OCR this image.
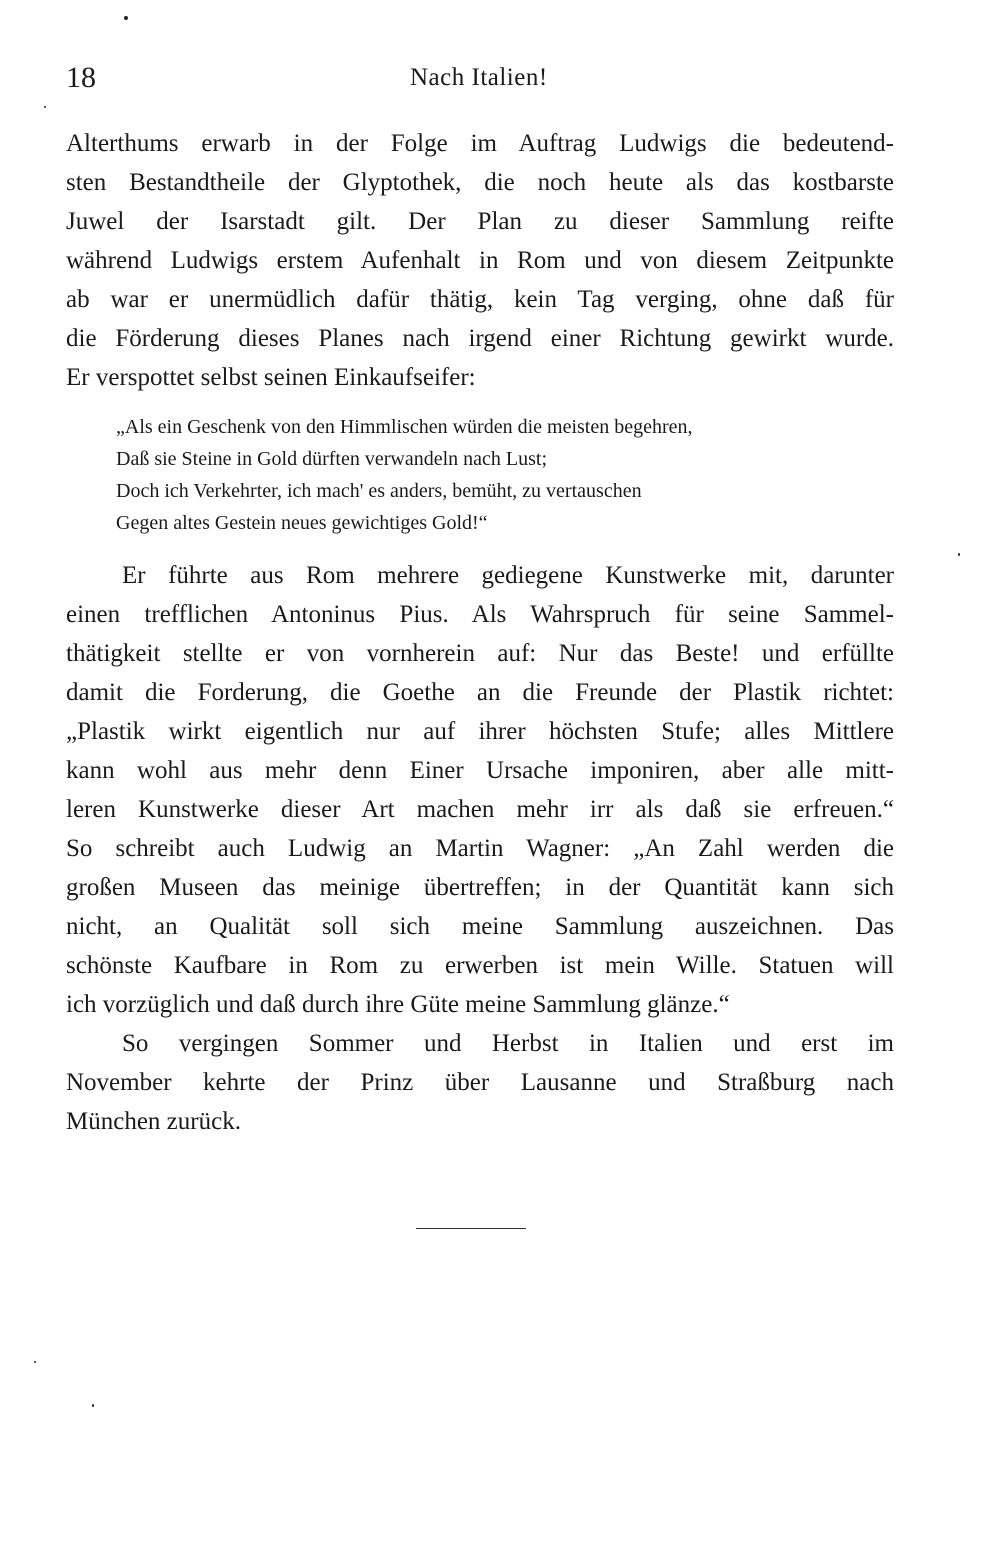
18	Nach Italien!
Alterthums erwarb in der Folge im Auftrag Ludwigs die bedeutend-
sten Bestandtheile der Glyptothek, die noch heute als das kostbarste
Juwel der Isarstadt gilt. Der Plan zu dieser Sammlung reifte
während Ludwigs erstem Aufenhalt in Rom und von diesem Zeitpunkte
ab war er unermüdlich dafür thätig, kein Tag verging, ohne daß für
die Förderung dieses Planes nach irgend einer Richtung gewirkt wurde.
Er verspottet selbst seinen Einkaufseifer:
„Als ein Geschenk von den Himmlischen würden die meisten begehren,
Daß sie Steine in Gold dürften verwandeln nach Lust;
Doch ich Verkehrter, ich mach' es anders, bemüht, zu vertauschen
Gegen altes Gestein neues gewichtiges Gold!“
Er führte aus Rom mehrere gediegene Kunstwerke mit, darunter
einen trefflichen Antoninus Pius. Als Wahrspruch für seine Sammel-
thätigkeit stellte er von vornherein auf: Nur das Beste! und erfüllte
damit die Forderung, die Goethe an die Freunde der Plastik richtet:
„Plastik wirkt eigentlich nur auf ihrer höchsten Stufe; alles Mittlere
kann wohl aus mehr denn Einer Ursache imponiren, aber alle mitt-
leren Kunstwerke dieser Art machen mehr irr als daß sie erfreuen.“
So schreibt auch Ludwig an Martin Wagner: „An Zahl werden die
großen Museen das meinige übertreffen; in der Quantität kann sich
nicht, an Qualität soll sich meine Sammlung auszeichnen. Das
schönste Kaufbare in Rom zu erwerben ist mein Wille. Statuen will
ich vorzüglich und daß durch ihre Güte meine Sammlung glänze.“
So vergingen Sommer und Herbst in Italien und erst im
November kehrte der Prinz über Lausanne und Straßburg nach
München zurück.
